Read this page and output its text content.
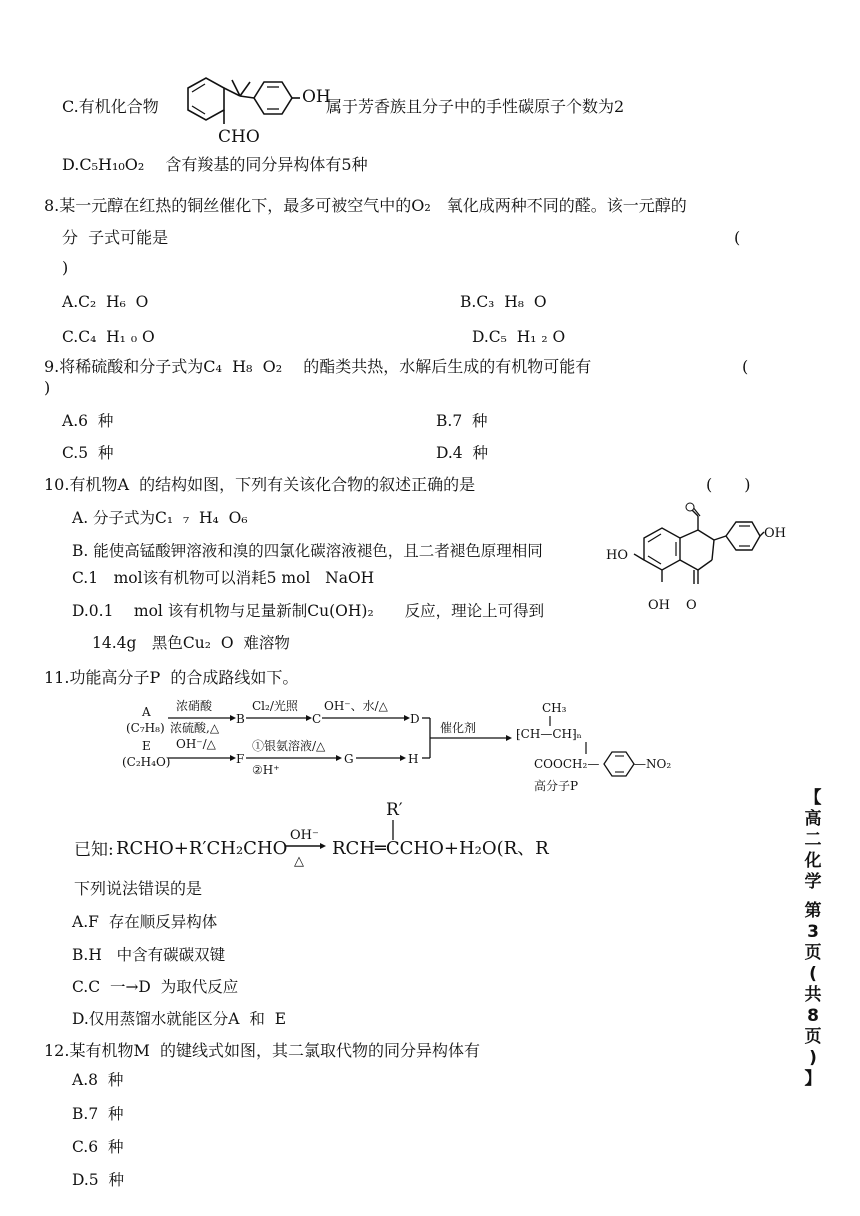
C.有机化合物	OH
CHO
属于芳香族且分子中的手性碳原子个数为2
D.C₅H₁₀O₂　 含有羧基的同分异构体有5种
8.某一元醇在红热的铜丝催化下，最多可被空气中的O₂　氧化成两种不同的醛。该一元醇的
分  子式可能是	(
)
A.C₂  H₆  O	B.C₃  H₈  O
C.C₄  H₁ ₀ O	D.C₅  H₁ ₂ O
9.将稀硫酸和分子式为C₄  H₈  O₂　 的酯类共热，水解后生成的有机物可能有	(
)
A.6  种	B.7  种
C.5  种	D.4  种
10.有机物A  的结构如图，下列有关该化合物的叙述正确的是	(　　)
A. 分子式为C₁  ₇  H₄  O₆
B. 能使高锰酸钾溶液和溴的四氯化碳溶液褪色，且二者褪色原理相同
C.1　mol该有机物可以消耗5 mol   NaOH
D.0.1　 mol 该有机物与足量新制Cu(OH)₂　　反应，理论上可得到
14.4g　黑色Cu₂  O  难溶物
HO
OH
OH O
11.功能高分子P  的合成路线如下。
A
(C₇H₈)
浓硝酸
浓硫酸,△
B
Cl₂/光照
C
OH⁻、水/△
D
E
(C₂H₄O)
OH⁻/△
F
①银氨溶液/△
②H⁺
G	H
催化剂
CH₃
⁅CH—CH⁆ₙ
COOCH₂—	—NO₂
高分子P
已知: RCHO+R′CH₂CHO
OH⁻
△
R′
RCH═CCHO+H₂O(R、R
下列说法错误的是
A.F  存在顺反异构体
B.H   中含有碳碳双键
C.C  一→D  为取代反应
D.仅用蒸馏水就能区分A  和  E
12.某有机物M  的键线式如图，其二氯取代物的同分异构体有
A.8  种
B.7  种
C.6  种
D.5  种
【
高
二
化
学
第
3
页
(
共
8
页
)
】
